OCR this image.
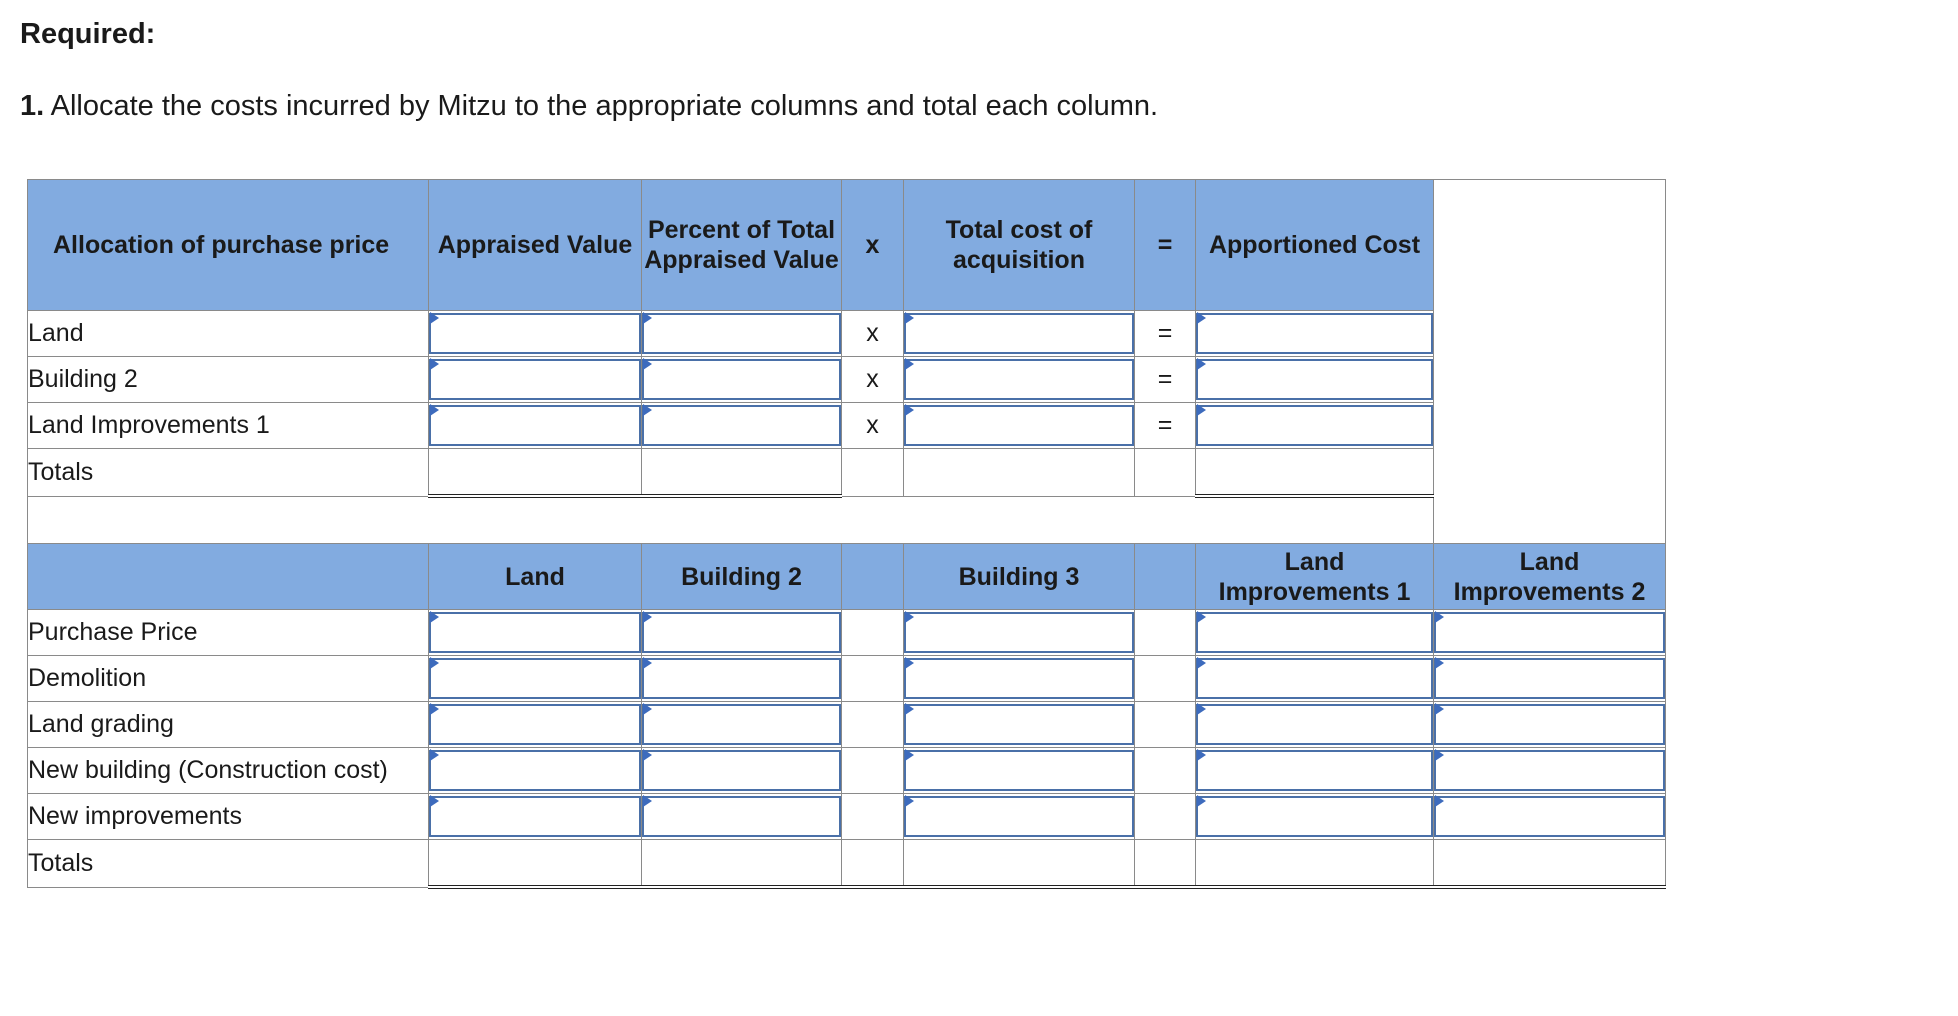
Required:
1. Allocate the costs incurred by Mitzu to the appropriate columns and total each column.
Allocation of purchase price	Appraised Value	Percent of Total Appraised Value	x	Total cost of acquisition	=	Apportioned Cost	
Land			x		=		

Building 2			x		=		

Land Improvements 1			x		=		

Totals							

	Land	Building 2		Building 3		Land Improvements 1	Land Improvements 2
Purchase Price	

Demolition	

Land grading	

New building (Construction cost)	

New improvements	

Totals							
